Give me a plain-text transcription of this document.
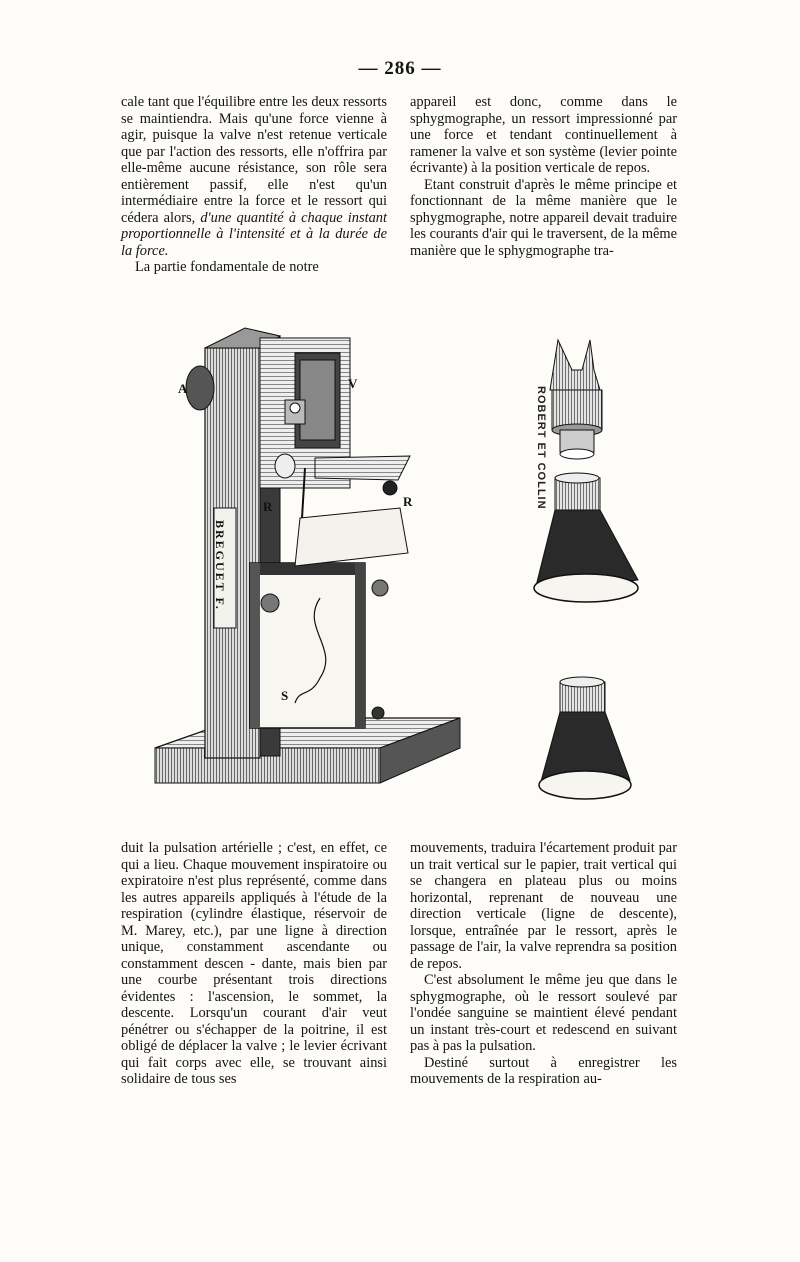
— 286 —

cale tant que l'équilibre entre les deux ressorts se maintiendra. Mais qu'une force vienne à agir, puisque la valve n'est retenue verticale que par l'action des ressorts, elle n'offrira par elle-même aucune résistance, son rôle sera entièrement passif, elle n'est qu'un intermédiaire entre la force et le ressort qui cédera alors, d'une quantité à chaque instant proportionnelle à l'intensité et à la durée de la force.

La partie fondamentale de notre

appareil est donc, comme dans le sphygmographe, un ressort impressionné par une force et tendant continuellement à ramener la valve et son système (levier pointe écrivante) à la position verticale de repos.

Etant construit d'après le même principe et fonctionnant de la même manière que le sphygmographe, notre appareil devait traduire les courants d'air qui le traversent, de la même manière que le sphygmographe tra-

A	V
R	R
S
BREGUET F.
ROBERT ET COLLIN

duit la pulsation artérielle ; c'est, en effet, ce qui a lieu. Chaque mouvement inspiratoire ou expiratoire n'est plus représenté, comme dans les autres appareils appliqués à l'étude de la respiration (cylindre élastique, réservoir de M. Marey, etc.), par une ligne à direction unique, constamment ascendante ou constamment descen - dante, mais bien par une courbe présentant trois directions évidentes : l'ascension, le sommet, la descente. Lorsqu'un courant d'air veut pénétrer ou s'échapper de la poitrine, il est obligé de déplacer la valve ; le levier écrivant qui fait corps avec elle, se trouvant ainsi solidaire de tous ses

mouvements, traduira l'écartement produit par un trait vertical sur le papier, trait vertical qui se changera en plateau plus ou moins horizontal, reprenant de nouveau une direction verticale (ligne de descente), lorsque, entraînée par le ressort, après le passage de l'air, la valve reprendra sa position de repos.

C'est absolument le même jeu que dans le sphygmographe, où le ressort soulevé par l'ondée sanguine se maintient élevé pendant un instant très-court et redescend en suivant pas à pas la pulsation.

Destiné surtout à enregistrer les mouvements de la respiration au-
